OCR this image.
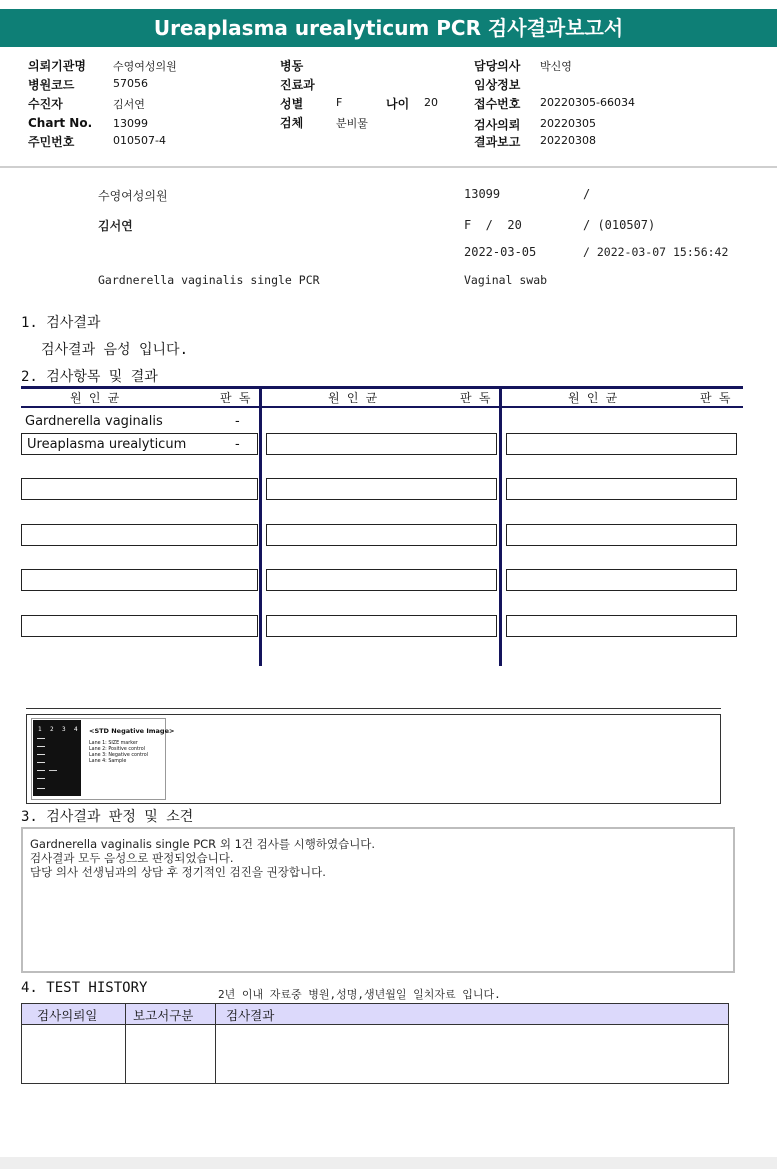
Ureaplasma urealyticum PCR 검사결과보고서
의뢰기관명 수영여성의원
병원코드	57056
수진자	김서연
Chart No. 13099
주민번호	010507-4
병동
진료과
성별	F	나이 20
검체	분비물
담당의사 박신영
임상정보
접수번호 20220305-66034
검사의뢰 20220305
결과보고 20220308
수영여성의원	13099	/
김서연	F  /  20	/ (010507)
2022-03-05	/ 2022-03-07 15:56:42
Gardnerella vaginalis single PCR	Vaginal swab
1. 검사결과
검사결과 음성 입니다.
2. 검사항목 및 결과
원 인 균	판 독	원 인 균	판 독	원 인 균	판 독
Gardnerella vaginalis	-
Ureaplasma urealyticum	-
1 2 3 4 <STD Negative Image>
Lane 1: SIZE marker
Lane 2: Positive control
Lane 3: Negative control
Lane 4: Sample
3. 검사결과 판정 및 소견
Gardnerella vaginalis single PCR 외 1건 검사를 시행하였습니다.
검사결과 모두 음성으로 판정되었습니다.
담당 의사 선생님과의 상담 후 정기적인 검진을 권장합니다.
4. TEST HISTORY	2년 이내 자료중 병원,성명,생년월일 일치자료 입니다.
검사의뢰일	보고서구분	검사결과
